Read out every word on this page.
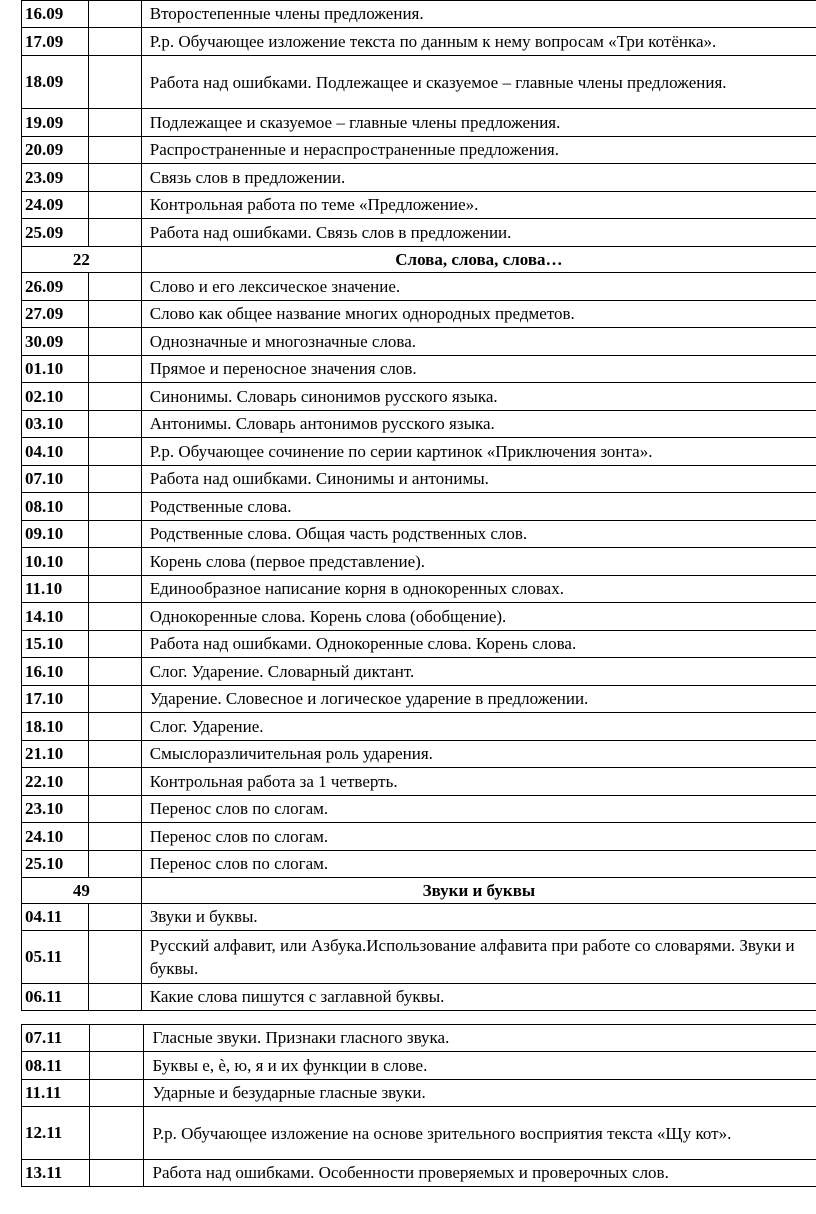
16.09		Второстепенные члены предложения.
17.09		Р.р. Обучающее изложение текста по данным к нему вопросам «Три котёнка».
18.09		Работа над ошибками. Подлежащее и сказуемое – главные члены предложения.
19.09		Подлежащее и сказуемое – главные члены предложения.
20.09		Распространенные и нераспространенные предложения.
23.09		Связь слов в предложении.
24.09		Контрольная работа по теме «Предложение».
25.09		Работа над ошибками. Связь слов в предложении.
22		Слова, слова, слова…
26.09		Слово и его лексическое значение.
27.09		Слово как общее название многих однородных предметов.
30.09		Однозначные и многозначные слова.
01.10		Прямое и переносное значения слов.
02.10		Синонимы. Словарь синонимов русского языка.
03.10		Антонимы. Словарь антонимов русского языка.
04.10		Р.р. Обучающее сочинение по серии картинок «Приключения зонта».
07.10		Работа над ошибками. Синонимы и антонимы.
08.10		Родственные слова.
09.10		Родственные слова. Общая часть родственных слов.
10.10		Корень слова (первое представление).
11.10		Единообразное написание корня в однокоренных словах.
14.10		Однокоренные слова. Корень слова (обобщение).
15.10		Работа над ошибками. Однокоренные слова. Корень слова.
16.10		Слог. Ударение. Словарный диктант.
17.10		Ударение. Словесное и логическое ударение в предложении.
18.10		Слог. Ударение.
21.10		Смыслоразличительная роль ударения.
22.10		Контрольная работа за 1 четверть.
23.10		Перенос слов по слогам.
24.10		Перенос слов по слогам.
25.10		Перенос слов по слогам.
49		Звуки и буквы
04.11		Звуки и буквы.
05.11		Русский алфавит, или Азбука.Использование алфавита при работе со словарями. Звуки и буквы.
06.11		Какие слова пишутся с заглавной буквы.
07.11		Гласные звуки. Признаки гласного звука.
08.11		Буквы е, ѐ, ю, я и их функции в слове.
11.11		Ударные и безударные гласные звуки.
12.11		Р.р. Обучающее изложение на основе зрительного восприятия текста «Щу кот».
13.11		Работа над ошибками. Особенности проверяемых и проверочных слов.
